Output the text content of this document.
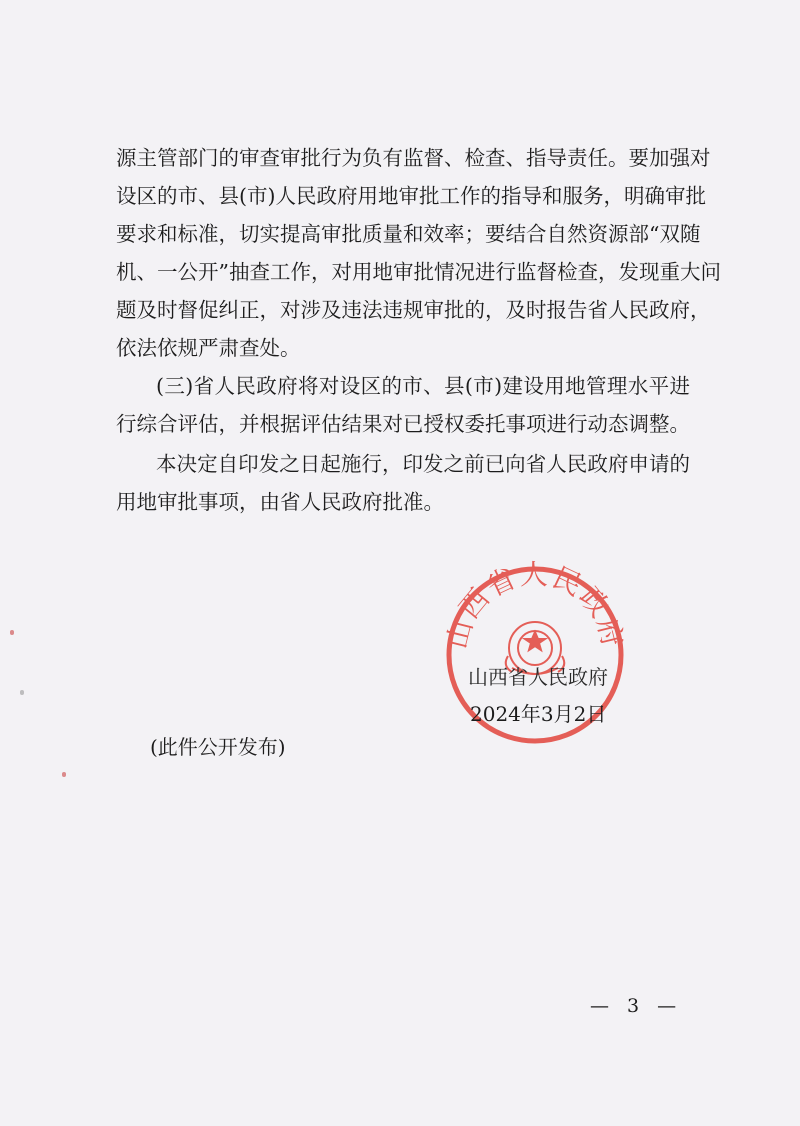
源主管部门的审查审批行为负有监督、检查、指导责任。要加强对
设区的市、县(市)人民政府用地审批工作的指导和服务，明确审批
要求和标准，切实提高审批质量和效率；要结合自然资源部“双随
机、一公开”抽查工作，对用地审批情况进行监督检查，发现重大问
题及时督促纠正，对涉及违法违规审批的，及时报告省人民政府，
依法依规严肃查处。
(三)省人民政府将对设区的市、县(市)建设用地管理水平进
行综合评估，并根据评估结果对已授权委托事项进行动态调整。
本决定自印发之日起施行，印发之前已向省人民政府申请的
用地审批事项，由省人民政府批准。
山西省人民政府
山西省人民政府
2024年3月2日
(此件公开发布)
— 3 —
